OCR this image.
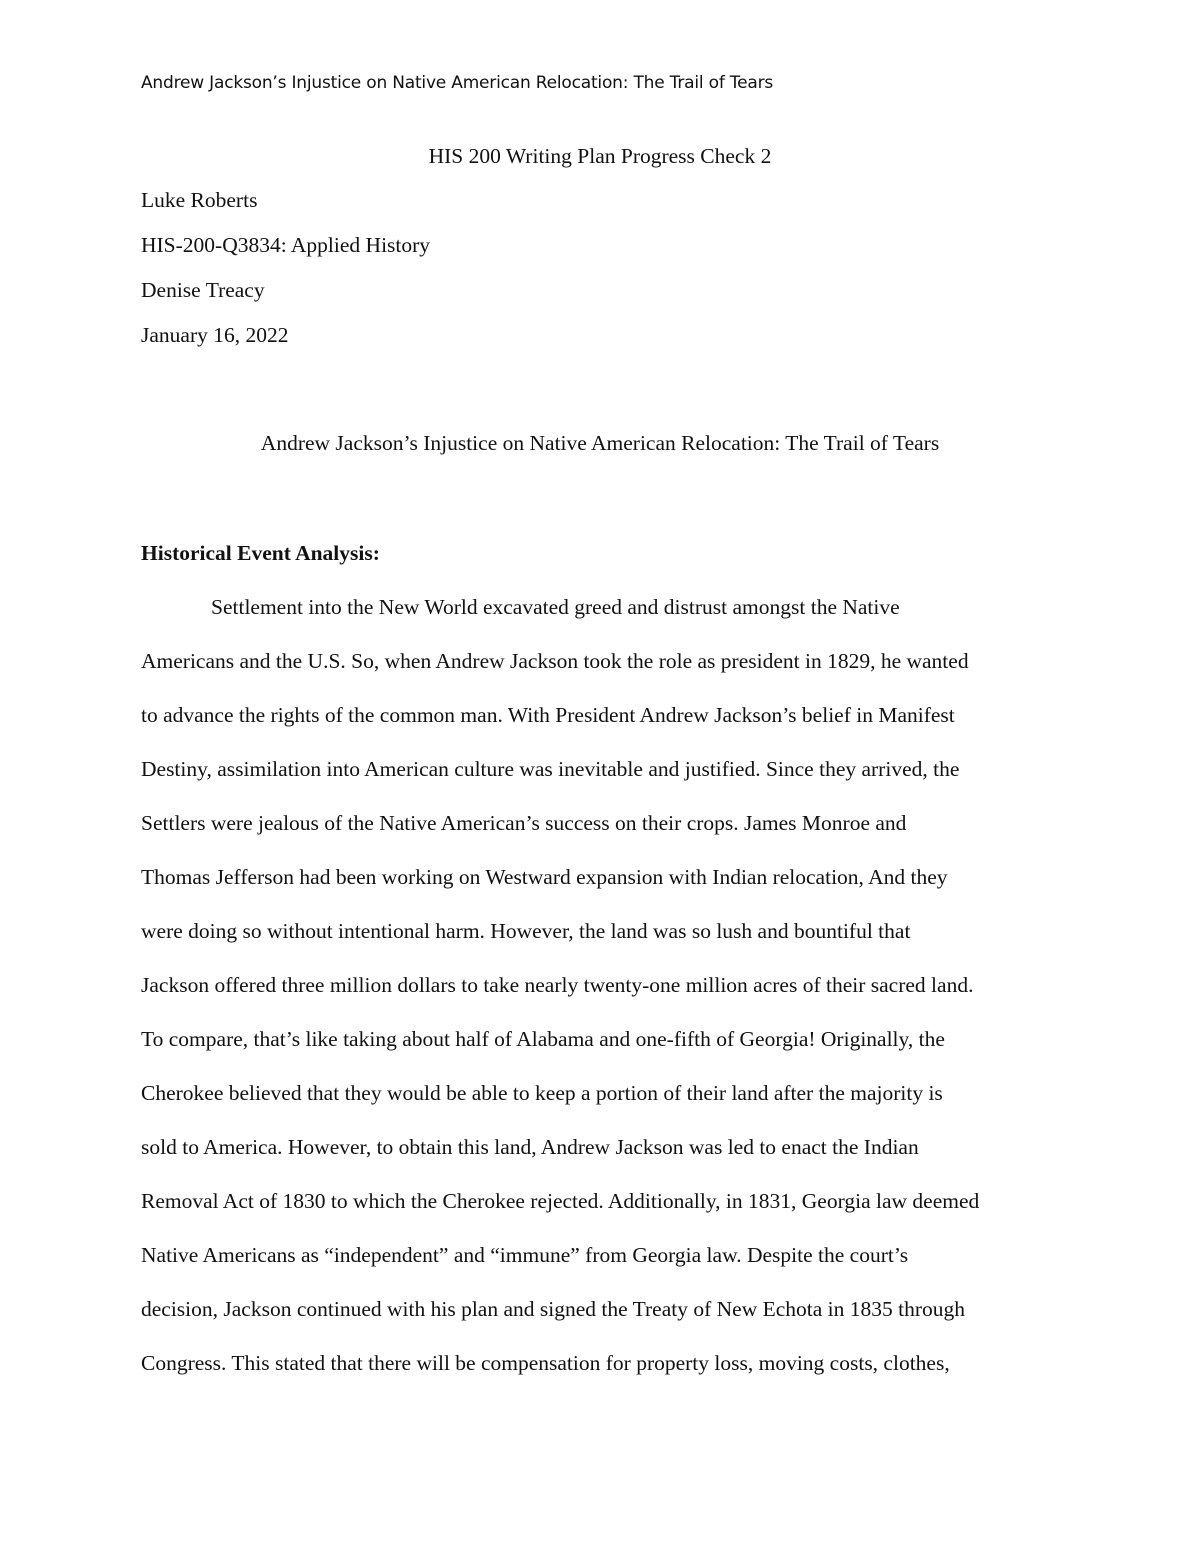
Andrew Jackson’s Injustice on Native American Relocation: The Trail of Tears
HIS 200 Writing Plan Progress Check 2
Luke Roberts
HIS-200-Q3834: Applied History
Denise Treacy
January 16, 2022
Andrew Jackson’s Injustice on Native American Relocation: The Trail of Tears
Historical Event Analysis:
Settlement into the New World excavated greed and distrust amongst the Native
Americans and the U.S. So, when Andrew Jackson took the role as president in 1829, he wanted
to advance the rights of the common man. With President Andrew Jackson’s belief in Manifest
Destiny, assimilation into American culture was inevitable and justified. Since they arrived, the
Settlers were jealous of the Native American’s success on their crops. James Monroe and
Thomas Jefferson had been working on Westward expansion with Indian relocation, And they
were doing so without intentional harm. However, the land was so lush and bountiful that
Jackson offered three million dollars to take nearly twenty-one million acres of their sacred land.
To compare, that’s like taking about half of Alabama and one-fifth of Georgia! Originally, the
Cherokee believed that they would be able to keep a portion of their land after the majority is
sold to America. However, to obtain this land, Andrew Jackson was led to enact the Indian
Removal Act of 1830 to which the Cherokee rejected. Additionally, in 1831, Georgia law deemed
Native Americans as “independent” and “immune” from Georgia law. Despite the court’s
decision, Jackson continued with his plan and signed the Treaty of New Echota in 1835 through
Congress. This stated that there will be compensation for property loss, moving costs, clothes,
